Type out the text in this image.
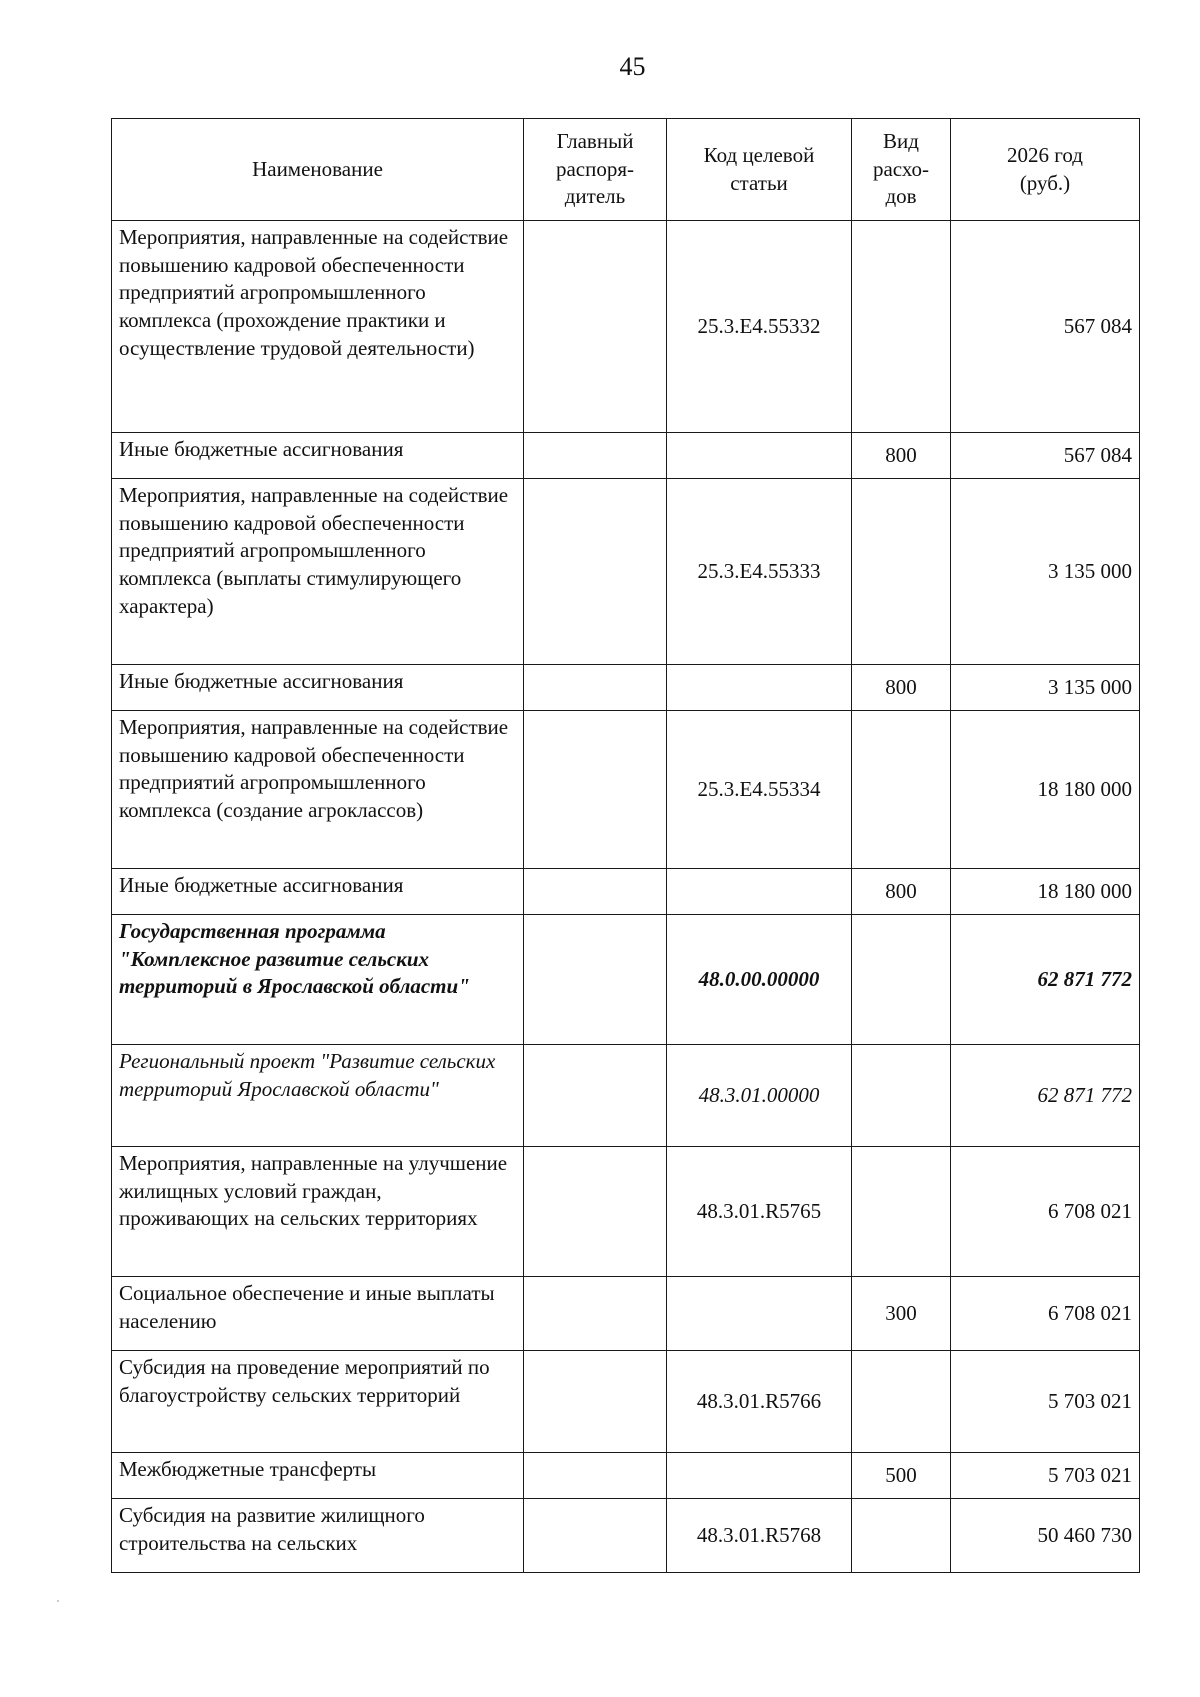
45
Наименование	Главный распоря-дитель	Код целевой статьи	Вид расхо-дов	2026 год (руб.)
Мероприятия, направленные на содействие повышению кадровой обеспеченности предприятий агропромышленного комплекса (прохождение практики и осуществление трудовой деятельности)		25.3.Е4.55332		567 084
Иные бюджетные ассигнования			800	567 084
Мероприятия, направленные на содействие повышению кадровой обеспеченности предприятий агропромышленного комплекса (выплаты стимулирующего характера)		25.3.Е4.55333		3 135 000
Иные бюджетные ассигнования			800	3 135 000
Мероприятия, направленные на содействие повышению кадровой обеспеченности предприятий агропромышленного комплекса (создание агроклассов)		25.3.Е4.55334		18 180 000
Иные бюджетные ассигнования			800	18 180 000
Государственная программа "Комплексное развитие сельских территорий в Ярославской области"		48.0.00.00000		62 871 772
Региональный проект "Развитие сельских территорий Ярославской области"		48.3.01.00000		62 871 772
Мероприятия, направленные на улучшение жилищных условий граждан, проживающих на сельских территориях		48.3.01.R5765		6 708 021
Социальное обеспечение и иные выплаты населению			300	6 708 021
Субсидия на проведение мероприятий по благоустройству сельских территорий		48.3.01.R5766		5 703 021
Межбюджетные трансферты			500	5 703 021
Субсидия на развитие жилищного строительства на сельских		48.3.01.R5768		50 460 730
